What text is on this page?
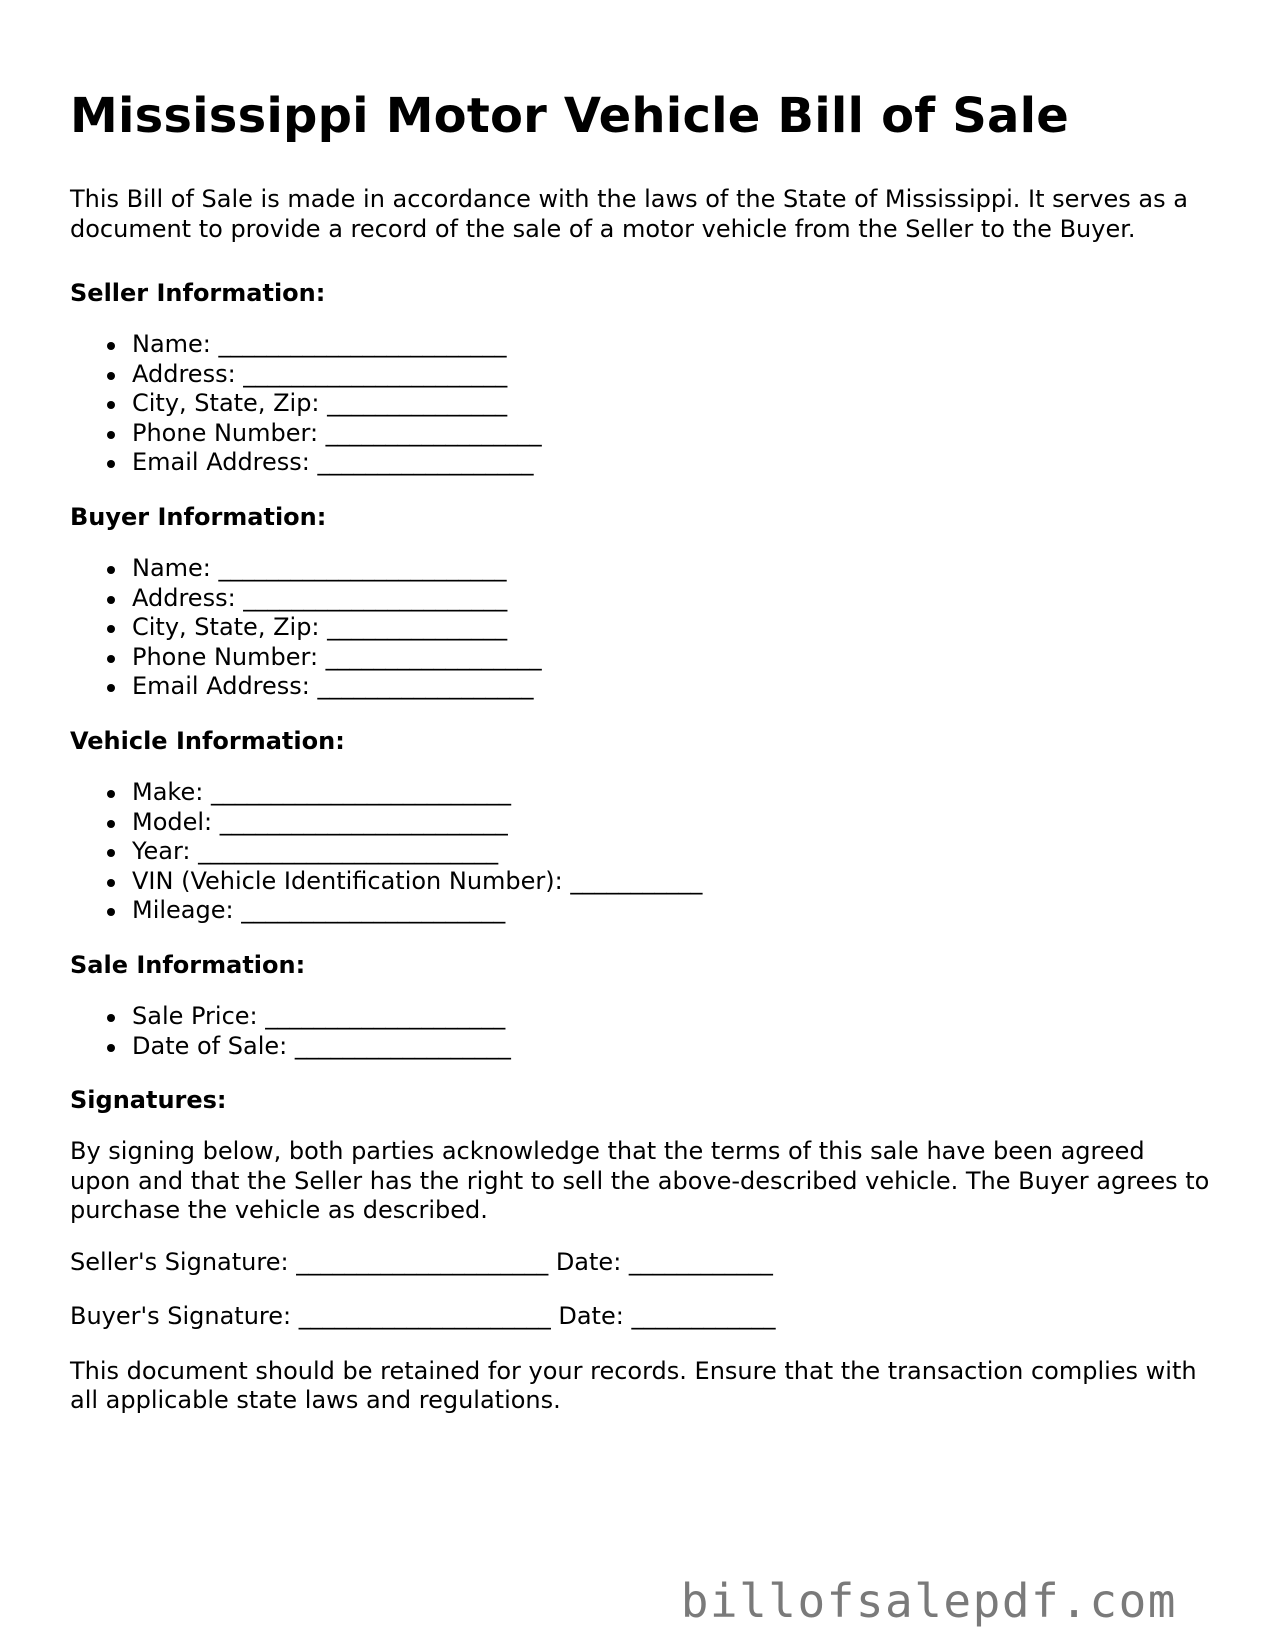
Mississippi Motor Vehicle Bill of Sale

This Bill of Sale is made in accordance with the laws of the State of Mississippi. It serves as a document to provide a record of the sale of a motor vehicle from the Seller to the Buyer.

Seller Information:
Name: ________________________
Address: ______________________
City, State, Zip: _______________
Phone Number: __________________
Email Address: __________________
Buyer Information:
Name: ________________________
Address: ______________________
City, State, Zip: _______________
Phone Number: __________________
Email Address: __________________
Vehicle Information:
Make: _________________________
Model: ________________________
Year: _________________________
VIN (Vehicle Identification Number): ___________
Mileage: ______________________
Sale Information:
Sale Price: ____________________
Date of Sale: __________________
Signatures:

By signing below, both parties acknowledge that the terms of this sale have been agreed upon and that the Seller has the right to sell the above-described vehicle. The Buyer agrees to purchase the vehicle as described.

Seller's Signature: _____________________ Date: ____________

Buyer's Signature: _____________________ Date: ____________

This document should be retained for your records. Ensure that the transaction complies with all applicable state laws and regulations.

billofsalepdf.com
